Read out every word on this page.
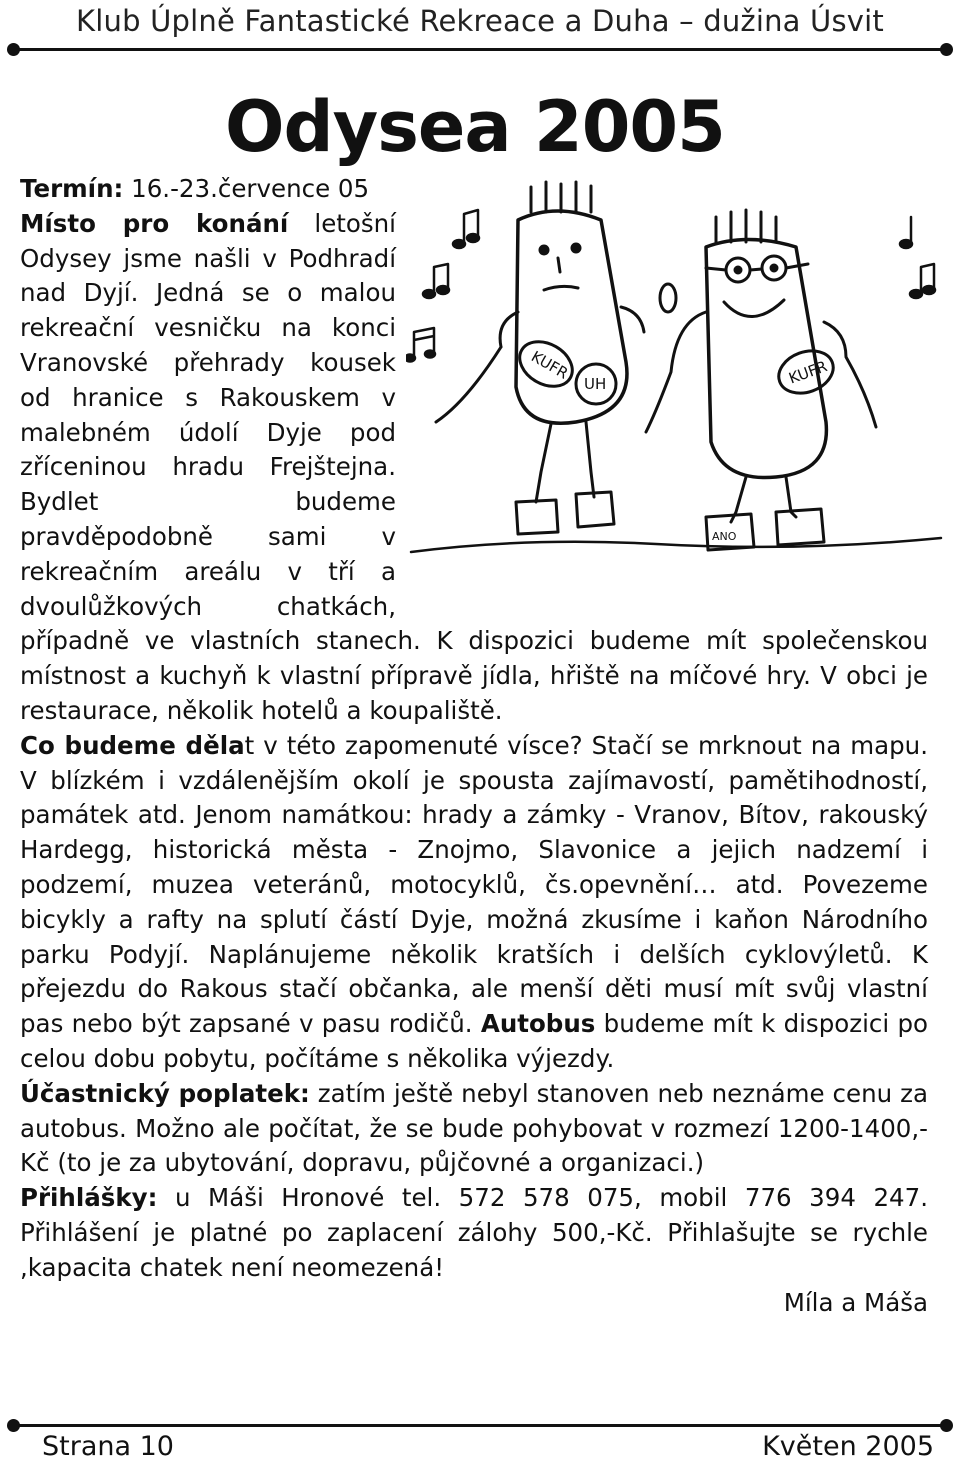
Klub Úplně Fantastické Rekreace a Duha – dužina Úsvit
Odysea 2005
KUFR
UH	KUFR
ANO

Termín: 16.-23.července 05
Místo pro konání letošní Odysey jsme našli v Podhradí nad Dyjí. Jedná se o malou rekreační vesničku na konci Vranovské přehrady kousek od hranice s Rakouskem v malebném údolí Dyje pod zříceninou hradu Frejštejna. Bydlet budeme pravděpodobně sami v rekreačním areálu v tří a dvoulůžkových chatkách, případně ve vlastních stanech. K dispozici budeme mít společenskou místnost a kuchyň k vlastní přípravě jídla, hřiště na míčové hry. V obci je restaurace, několik hotelů a koupaliště.

Co budeme dělat v této zapomenuté vísce? Stačí se mrknout na mapu. V blízkém i vzdálenějším okolí je spousta zajímavostí, pamětihodností, památek atd. Jenom namátkou: hrady a zámky - Vranov, Bítov, rakouský Hardegg, historická města - Znojmo, Slavonice a jejich nadzemí i podzemí, muzea veteránů, motocyklů, čs.opevnění… atd. Povezeme bicykly a rafty na splutí částí Dyje, možná zkusíme i kaňon Národního parku Podyjí. Naplánujeme několik kratších i delších cyklovýletů. K přejezdu do Rakous stačí občanka, ale menší děti musí mít svůj vlastní pas nebo být zapsané v pasu rodičů. Autobus budeme mít k dispozici po celou dobu pobytu, počítáme s několika výjezdy.

Účastnický poplatek: zatím ještě nebyl stanoven neb neznáme cenu za autobus. Možno ale počítat, že se bude pohybovat v rozmezí 1200-1400,-Kč (to je za ubytování, dopravu, půjčovné a organizaci.)

Přihlášky: u Máši Hronové tel. 572 578 075, mobil 776 394 247. Přihlášení je platné po zaplacení zálohy 500,-Kč. Přihlašujte se rychle ,kapacita chatek není neomezená!

Míla a Máša

Strana 10	Květen 2005
